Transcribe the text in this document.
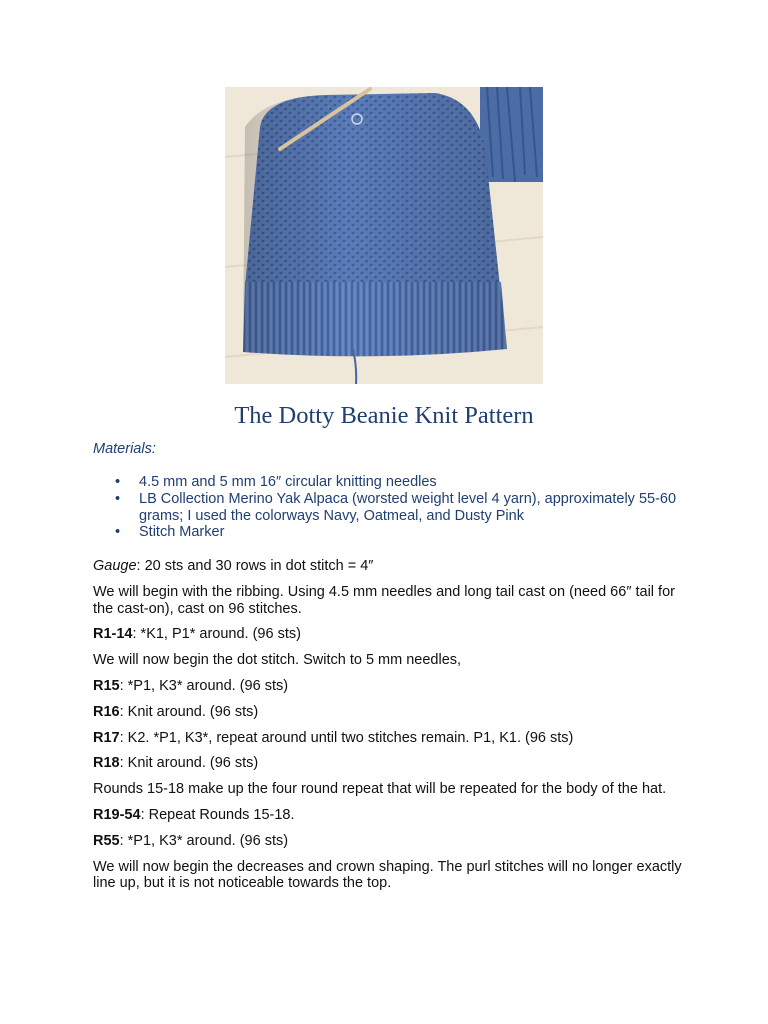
The Dotty Beanie Knit Pattern
Materials:
• 4.5 mm and 5 mm 16″ circular knitting needles
• LB Collection Merino Yak Alpaca (worsted weight level 4 yarn), approximately 55-60 grams; I used the colorways Navy, Oatmeal, and Dusty Pink
• Stitch Marker

Gauge: 20 sts and 30 rows in dot stitch = 4″

We will begin with the ribbing. Using 4.5 mm needles and long tail cast on (need 66″ tail for the cast-on), cast on 96 stitches.

R1-14: *K1, P1* around. (96 sts)

We will now begin the dot stitch. Switch to 5 mm needles,

R15: *P1, K3* around. (96 sts)

R16: Knit around. (96 sts)

R17: K2. *P1, K3*, repeat around until two stitches remain. P1, K1. (96 sts)

R18: Knit around. (96 sts)

Rounds 15-18 make up the four round repeat that will be repeated for the body of the hat.

R19-54: Repeat Rounds 15-18.

R55: *P1, K3* around. (96 sts)

We will now begin the decreases and crown shaping. The purl stitches will no longer exactly line up, but it is not noticeable towards the top.
